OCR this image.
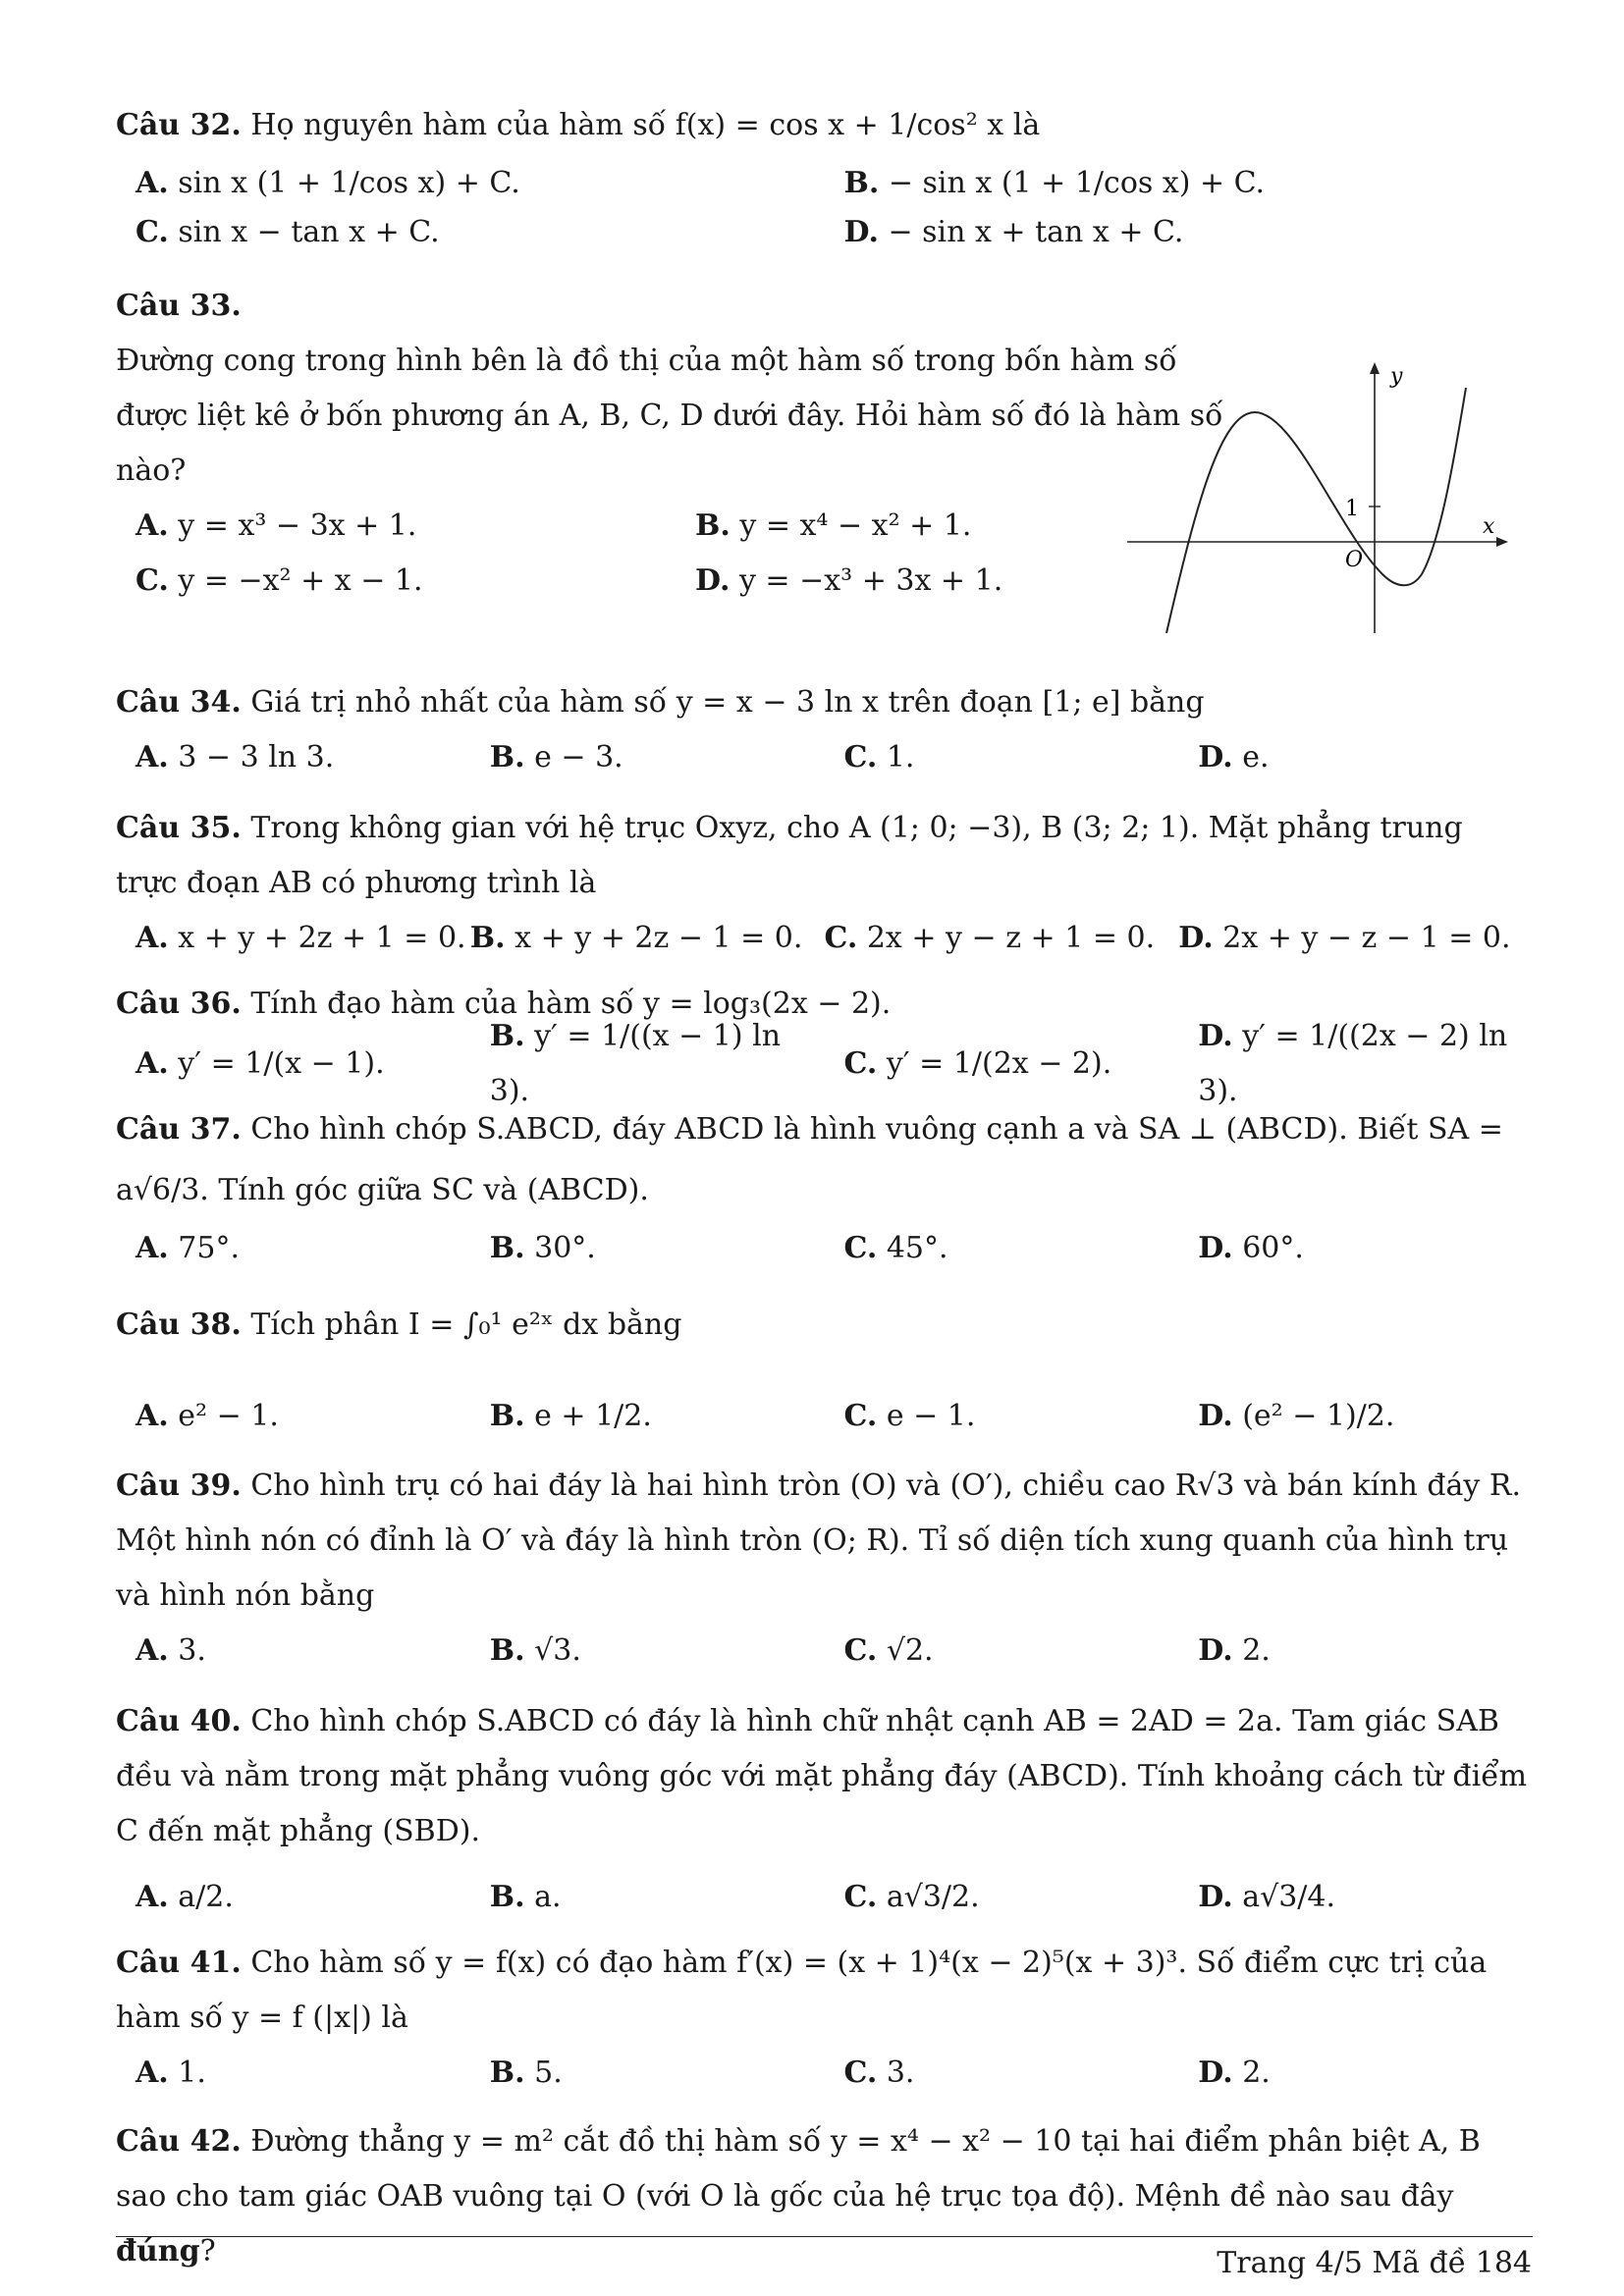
Câu 32. Họ nguyên hàm của hàm số f(x) = cos x + 1/cos² x là
A. sin x (1 + 1/cos x) + C.	B. − sin x (1 + 1/cos x) + C.
C. sin x − tan x + C.	D. − sin x + tan x + C.
Câu 33.
Đường cong trong hình bên là đồ thị của một hàm số trong bốn hàm số được liệt kê ở bốn phương án A, B, C, D dưới đây. Hỏi hàm số đó là hàm số nào?
A. y = x³ − 3x + 1.	B. y = x⁴ − x² + 1.
C. y = −x² + x − 1.	D. y = −x³ + 3x + 1.
Câu 34. Giá trị nhỏ nhất của hàm số y = x − 3 ln x trên đoạn [1; e] bằng
A. 3 − 3 ln 3.	B. e − 3.	C. 1.	D. e.
Câu 35. Trong không gian với hệ trục Oxyz, cho A (1; 0; −3), B (3; 2; 1). Mặt phẳng trung trực đoạn AB có phương trình là
A. x + y + 2z + 1 = 0. B. x + y + 2z − 1 = 0. C. 2x + y − z + 1 = 0. D. 2x + y − z − 1 = 0.
Câu 36. Tính đạo hàm của hàm số y = log₃(2x − 2).
A. y′ = 1/(x − 1).
B. y′ = 1/((x − 1) ln 3).
C. y′ = 1/(2x − 2).
D. y′ = 1/((2x − 2) ln 3).
Câu 37. Cho hình chóp S.ABCD, đáy ABCD là hình vuông cạnh a và SA ⊥ (ABCD). Biết SA = a√6/3. Tính góc giữa SC và (ABCD).
A. 75°.	B. 30°.	C. 45°.	D. 60°.
Câu 38. Tích phân I = ∫₀¹ e²ˣ dx bằng
A. e² − 1.	B. e + 1/2.	C. e − 1.	D. (e² − 1)/2.
Câu 39. Cho hình trụ có hai đáy là hai hình tròn (O) và (O′), chiều cao R√3 và bán kính đáy R. Một hình nón có đỉnh là O′ và đáy là hình tròn (O; R). Tỉ số diện tích xung quanh của hình trụ và hình nón bằng
A. 3.	B. √3.	C. √2.	D. 2.
Câu 40. Cho hình chóp S.ABCD có đáy là hình chữ nhật cạnh AB = 2AD = 2a. Tam giác SAB đều và nằm trong mặt phẳng vuông góc với mặt phẳng đáy (ABCD). Tính khoảng cách từ điểm C đến mặt phẳng (SBD).
A. a/2.	B. a.	C. a√3/2.	D. a√3/4.
Câu 41. Cho hàm số y = f(x) có đạo hàm f′(x) = (x + 1)⁴(x − 2)⁵(x + 3)³. Số điểm cực trị của hàm số y = f (|x|) là
A. 1.	B. 5.	C. 3.	D. 2.
Câu 42. Đường thẳng y = m² cắt đồ thị hàm số y = x⁴ − x² − 10 tại hai điểm phân biệt A, B sao cho tam giác OAB vuông tại O (với O là gốc của hệ trục tọa độ). Mệnh đề nào sau đây đúng?
y
x
O
1
Trang 4/5 Mã đề 184
